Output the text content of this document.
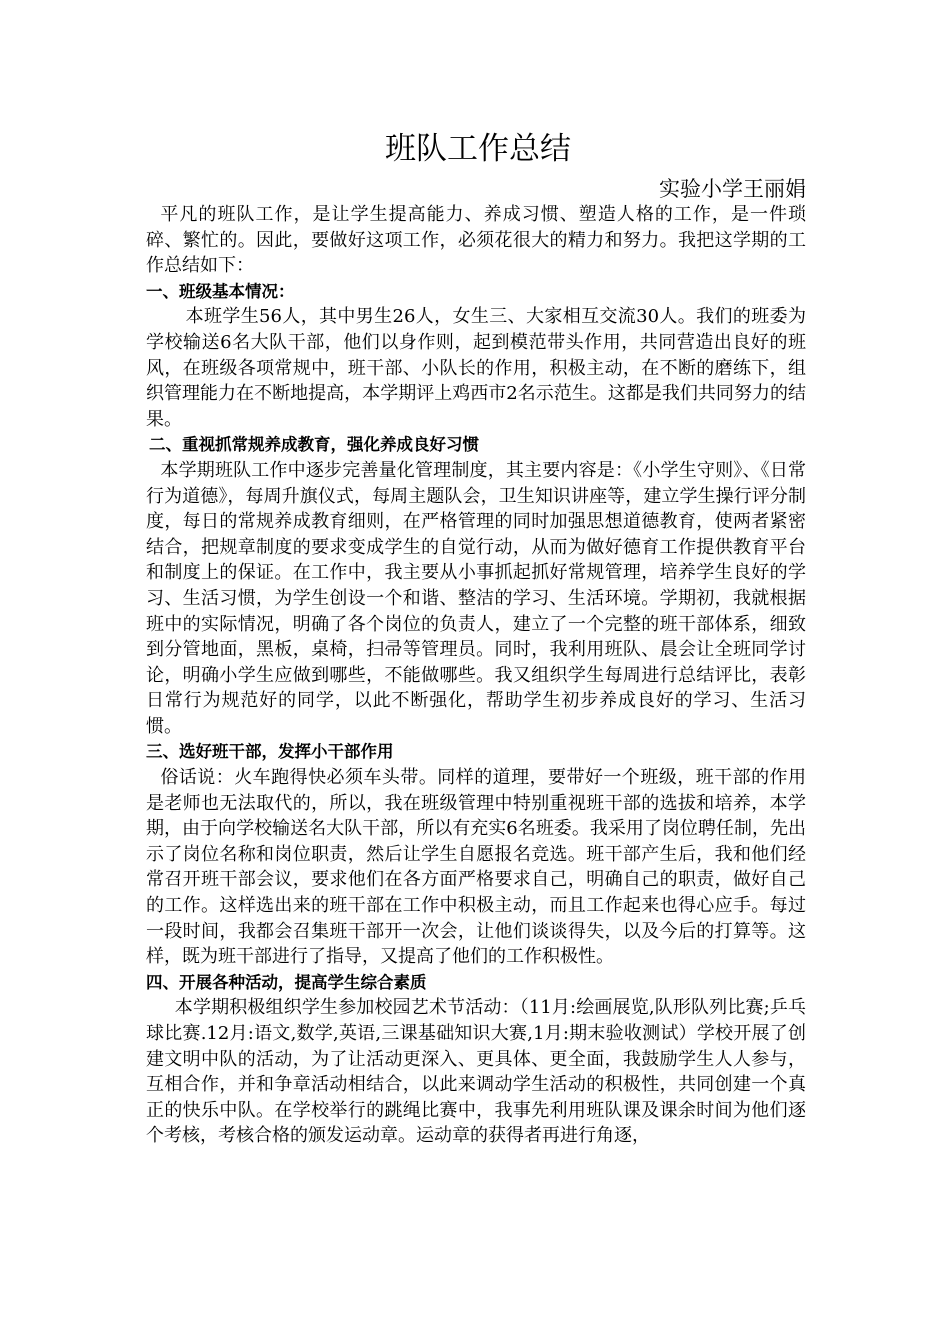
班队工作总结
实验小学王丽娟

平凡的班队工作，是让学生提高能力、养成习惯、塑造人格的工作，是一件琐碎、繁忙的。因此，要做好这项工作，必须花很大的精力和努力。我把这学期的工作总结如下：

一、班级基本情况：

本班学生56人，其中男生26人，女生三、大家相互交流30人。我们的班委为学校输送6名大队干部，他们以身作则，起到模范带头作用，共同营造出良好的班风，在班级各项常规中，班干部、小队长的作用，积极主动，在不断的磨练下，组织管理能力在不断地提高，本学期评上鸡西市2名示范生。这都是我们共同努力的结果。

二、重视抓常规养成教育，强化养成良好习惯

本学期班队工作中逐步完善量化管理制度，其主要内容是：《小学生守则》、《日常行为道德》，每周升旗仪式，每周主题队会，卫生知识讲座等，建立学生操行评分制度，每日的常规养成教育细则，在严格管理的同时加强思想道德教育，使两者紧密结合，把规章制度的要求变成学生的自觉行动，从而为做好德育工作提供教育平台和制度上的保证。在工作中，我主要从小事抓起抓好常规管理，培养学生良好的学习、生活习惯，为学生创设一个和谐、整洁的学习、生活环境。学期初，我就根据班中的实际情况，明确了各个岗位的负责人，建立了一个完整的班干部体系，细致到分管地面，黑板，桌椅，扫帚等管理员。同时，我利用班队、晨会让全班同学讨论，明确小学生应做到哪些，不能做哪些。我又组织学生每周进行总结评比，表彰日常行为规范好的同学，以此不断强化，帮助学生初步养成良好的学习、生活习惯。

三、选好班干部，发挥小干部作用

俗话说：火车跑得快必须车头带。同样的道理，要带好一个班级，班干部的作用是老师也无法取代的，所以，我在班级管理中特别重视班干部的选拔和培养，本学期，由于向学校输送名大队干部，所以有充实6名班委。我采用了岗位聘任制，先出示了岗位名称和岗位职责，然后让学生自愿报名竞选。班干部产生后，我和他们经常召开班干部会议，要求他们在各方面严格要求自己，明确自己的职责，做好自己的工作。这样选出来的班干部在工作中积极主动，而且工作起来也得心应手。每过一段时间，我都会召集班干部开一次会，让他们谈谈得失，以及今后的打算等。这样，既为班干部进行了指导，又提高了他们的工作积极性。

四、开展各种活动，提高学生综合素质

本学期积极组织学生参加校园艺术节活动：（11月:绘画展览,队形队列比赛;乒乓球比赛.12月:语文,数学,英语,三课基础知识大赛,1月:期末验收测试）学校开展了创建文明中队的活动，为了让活动更深入、更具体、更全面，我鼓励学生人人参与，互相合作，并和争章活动相结合，以此来调动学生活动的积极性，共同创建一个真正的快乐中队。在学校举行的跳绳比赛中，我事先利用班队课及课余时间为他们逐个考核，考核合格的颁发运动章。运动章的获得者再进行角逐，
